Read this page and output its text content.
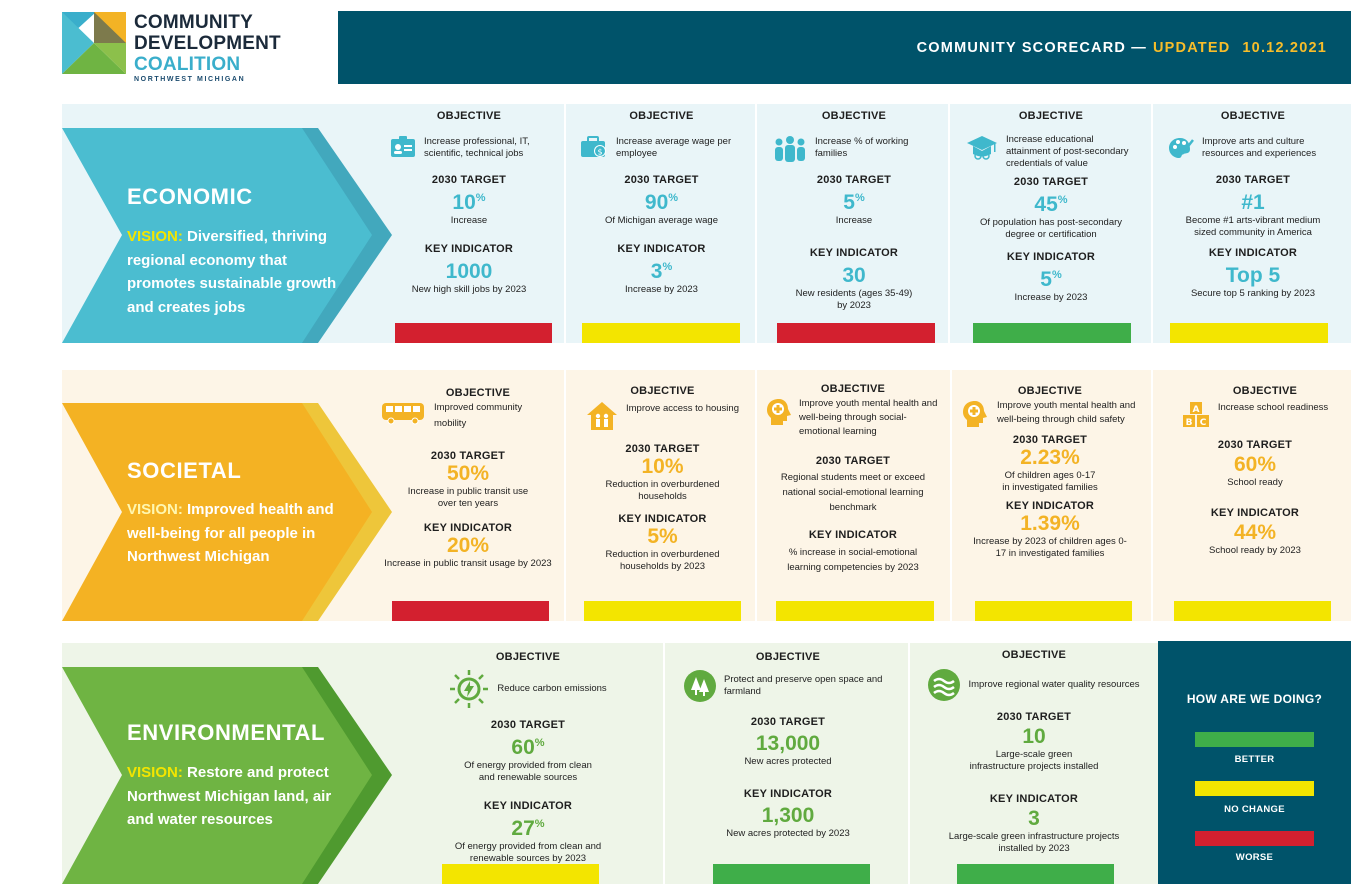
COMMUNITY
DEVELOPMENT
COALITION
NORTHWEST MICHIGAN
COMMUNITY SCORECARD — UPDATED 10.12.2021
ECONOMIC
VISION: Diversified, thriving regional economy that promotes sustainable growth and creates jobs
OBJECTIVE
Increase professional, IT, scientific, technical jobs
2030 TARGET
10%
Increase
KEY INDICATOR
1000
New high skill jobs by 2023
OBJECTIVE
$
Increase average wage per employee
2030 TARGET
90%
Of Michigan average wage
KEY INDICATOR
3%
Increase by 2023
OBJECTIVE
Increase % of working families
2030 TARGET
5%
Increase
KEY INDICATOR
30
New residents (ages 35-49) by 2023
OBJECTIVE
Increase educational attainment of post-secondary credentials of value
2030 TARGET
45%
Of population has post-secondary degree or certification
KEY INDICATOR
5%
Increase by 2023
OBJECTIVE
Improve arts and culture resources and experiences
2030 TARGET
#1
Become #1 arts-vibrant medium sized community in America
KEY INDICATOR
Top 5
Secure top 5 ranking by 2023
SOCIETAL
VISION: Improved health and well-being for all people in Northwest Michigan
OBJECTIVE
Improved community mobility
2030 TARGET
50%
Increase in public transit use over ten years
KEY INDICATOR
20%
Increase in public transit usage by 2023
OBJECTIVE
Improve access to housing
2030 TARGET
10%
Reduction in overburdened households
KEY INDICATOR
5%
Reduction in overburdened households by 2023
OBJECTIVE
Improve youth mental health and well-being through social-emotional learning
2030 TARGET
Regional students meet or exceed national social-emotional learning benchmark
KEY INDICATOR
% increase in social-emotional learning competencies by 2023
OBJECTIVE
Improve youth mental health and well-being through child safety
2030 TARGET
2.23%
Of children ages 0-17 in investigated families
KEY INDICATOR
1.39%
Increase by 2023 of children ages 0-17 in investigated families
OBJECTIVE
A
B C
Increase school readiness
2030 TARGET
60%
School ready
KEY INDICATOR
44%
School ready by 2023
ENVIRONMENTAL
VISION: Restore and protect Northwest Michigan land, air and water resources
OBJECTIVE
Reduce carbon emissions
2030 TARGET
60%
Of energy provided from clean and renewable sources
KEY INDICATOR
27%
Of energy provided from clean and renewable sources by 2023
OBJECTIVE
Protect and preserve open space and farmland
2030 TARGET
13,000
New acres protected
KEY INDICATOR
1,300
New acres protected by 2023
OBJECTIVE
Improve regional water quality resources
2030 TARGET
10
Large-scale green infrastructure projects installed
KEY INDICATOR
3
Large-scale green infrastructure projects installed by 2023
HOW ARE WE DOING?
BETTER
NO CHANGE
WORSE
